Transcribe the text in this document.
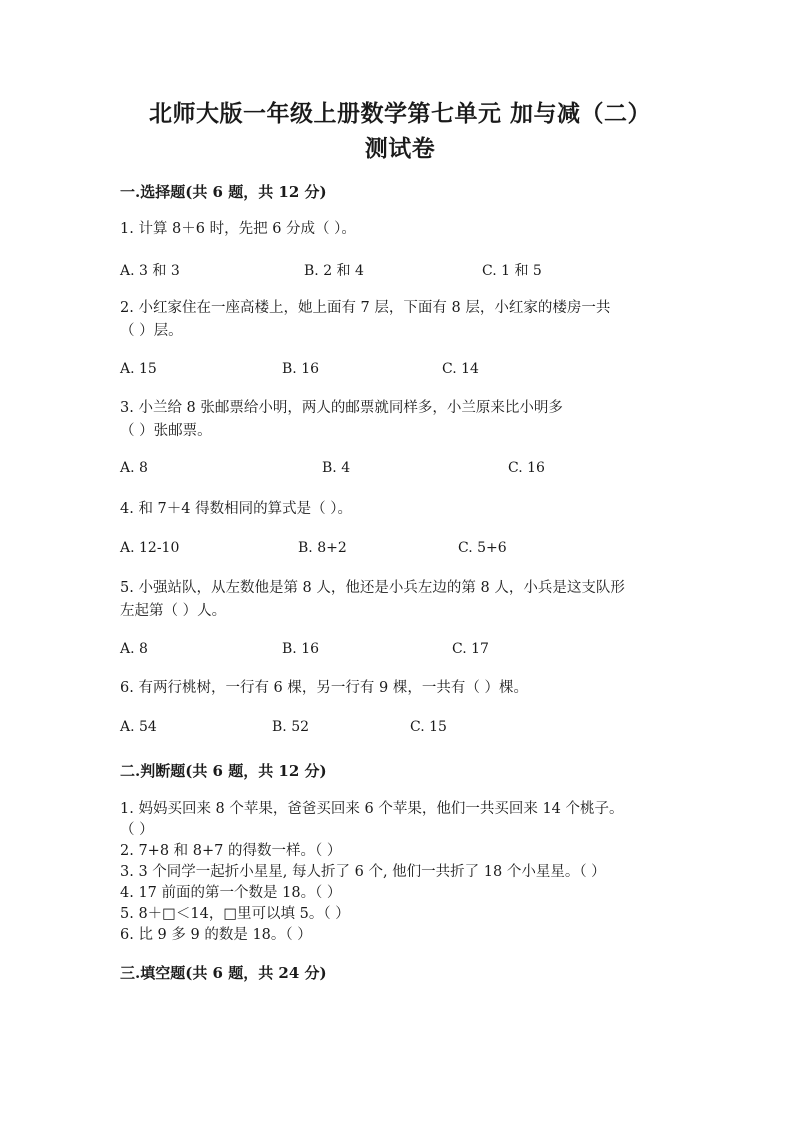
北师大版一年级上册数学第七单元 加与减（二）
测试卷
一.选择题(共 6 题，共 12 分)
1. 计算 8＋6 时，先把 6 分成（ ）。
A. 3 和 3	B. 2 和 4	C. 1 和 5
2. 小红家住在一座高楼上，她上面有 7 层，下面有 8 层，小红家的楼房一共
（ ）层。
A. 15	B. 16	C. 14
3. 小兰给 8 张邮票给小明，两人的邮票就同样多，小兰原来比小明多
（ ）张邮票。
A. 8	B. 4	C. 16
4. 和 7＋4 得数相同的算式是（ ）。
A. 12-10	B. 8+2	C. 5+6
5. 小强站队，从左数他是第 8 人，他还是小兵左边的第 8 人，小兵是这支队形
左起第（ ）人。
A. 8	B. 16	C. 17
6. 有两行桃树，一行有 6 棵，另一行有 9 棵，一共有（ ）棵。
A. 54	B. 52	C. 15
二.判断题(共 6 题，共 12 分)
1. 妈妈买回来 8 个苹果，爸爸买回来 6 个苹果，他们一共买回来 14 个桃子。
（ ）
2. 7+8 和 8+7 的得数一样。（ ）
3. 3 个同学一起折小星星, 每人折了 6 个, 他们一共折了 18 个小星星。（ ）
4. 17 前面的第一个数是 18。（ ）
5. 8＋□＜14，□里可以填 5。（ ）
6. 比 9 多 9 的数是 18。（ ）
三.填空题(共 6 题，共 24 分)
